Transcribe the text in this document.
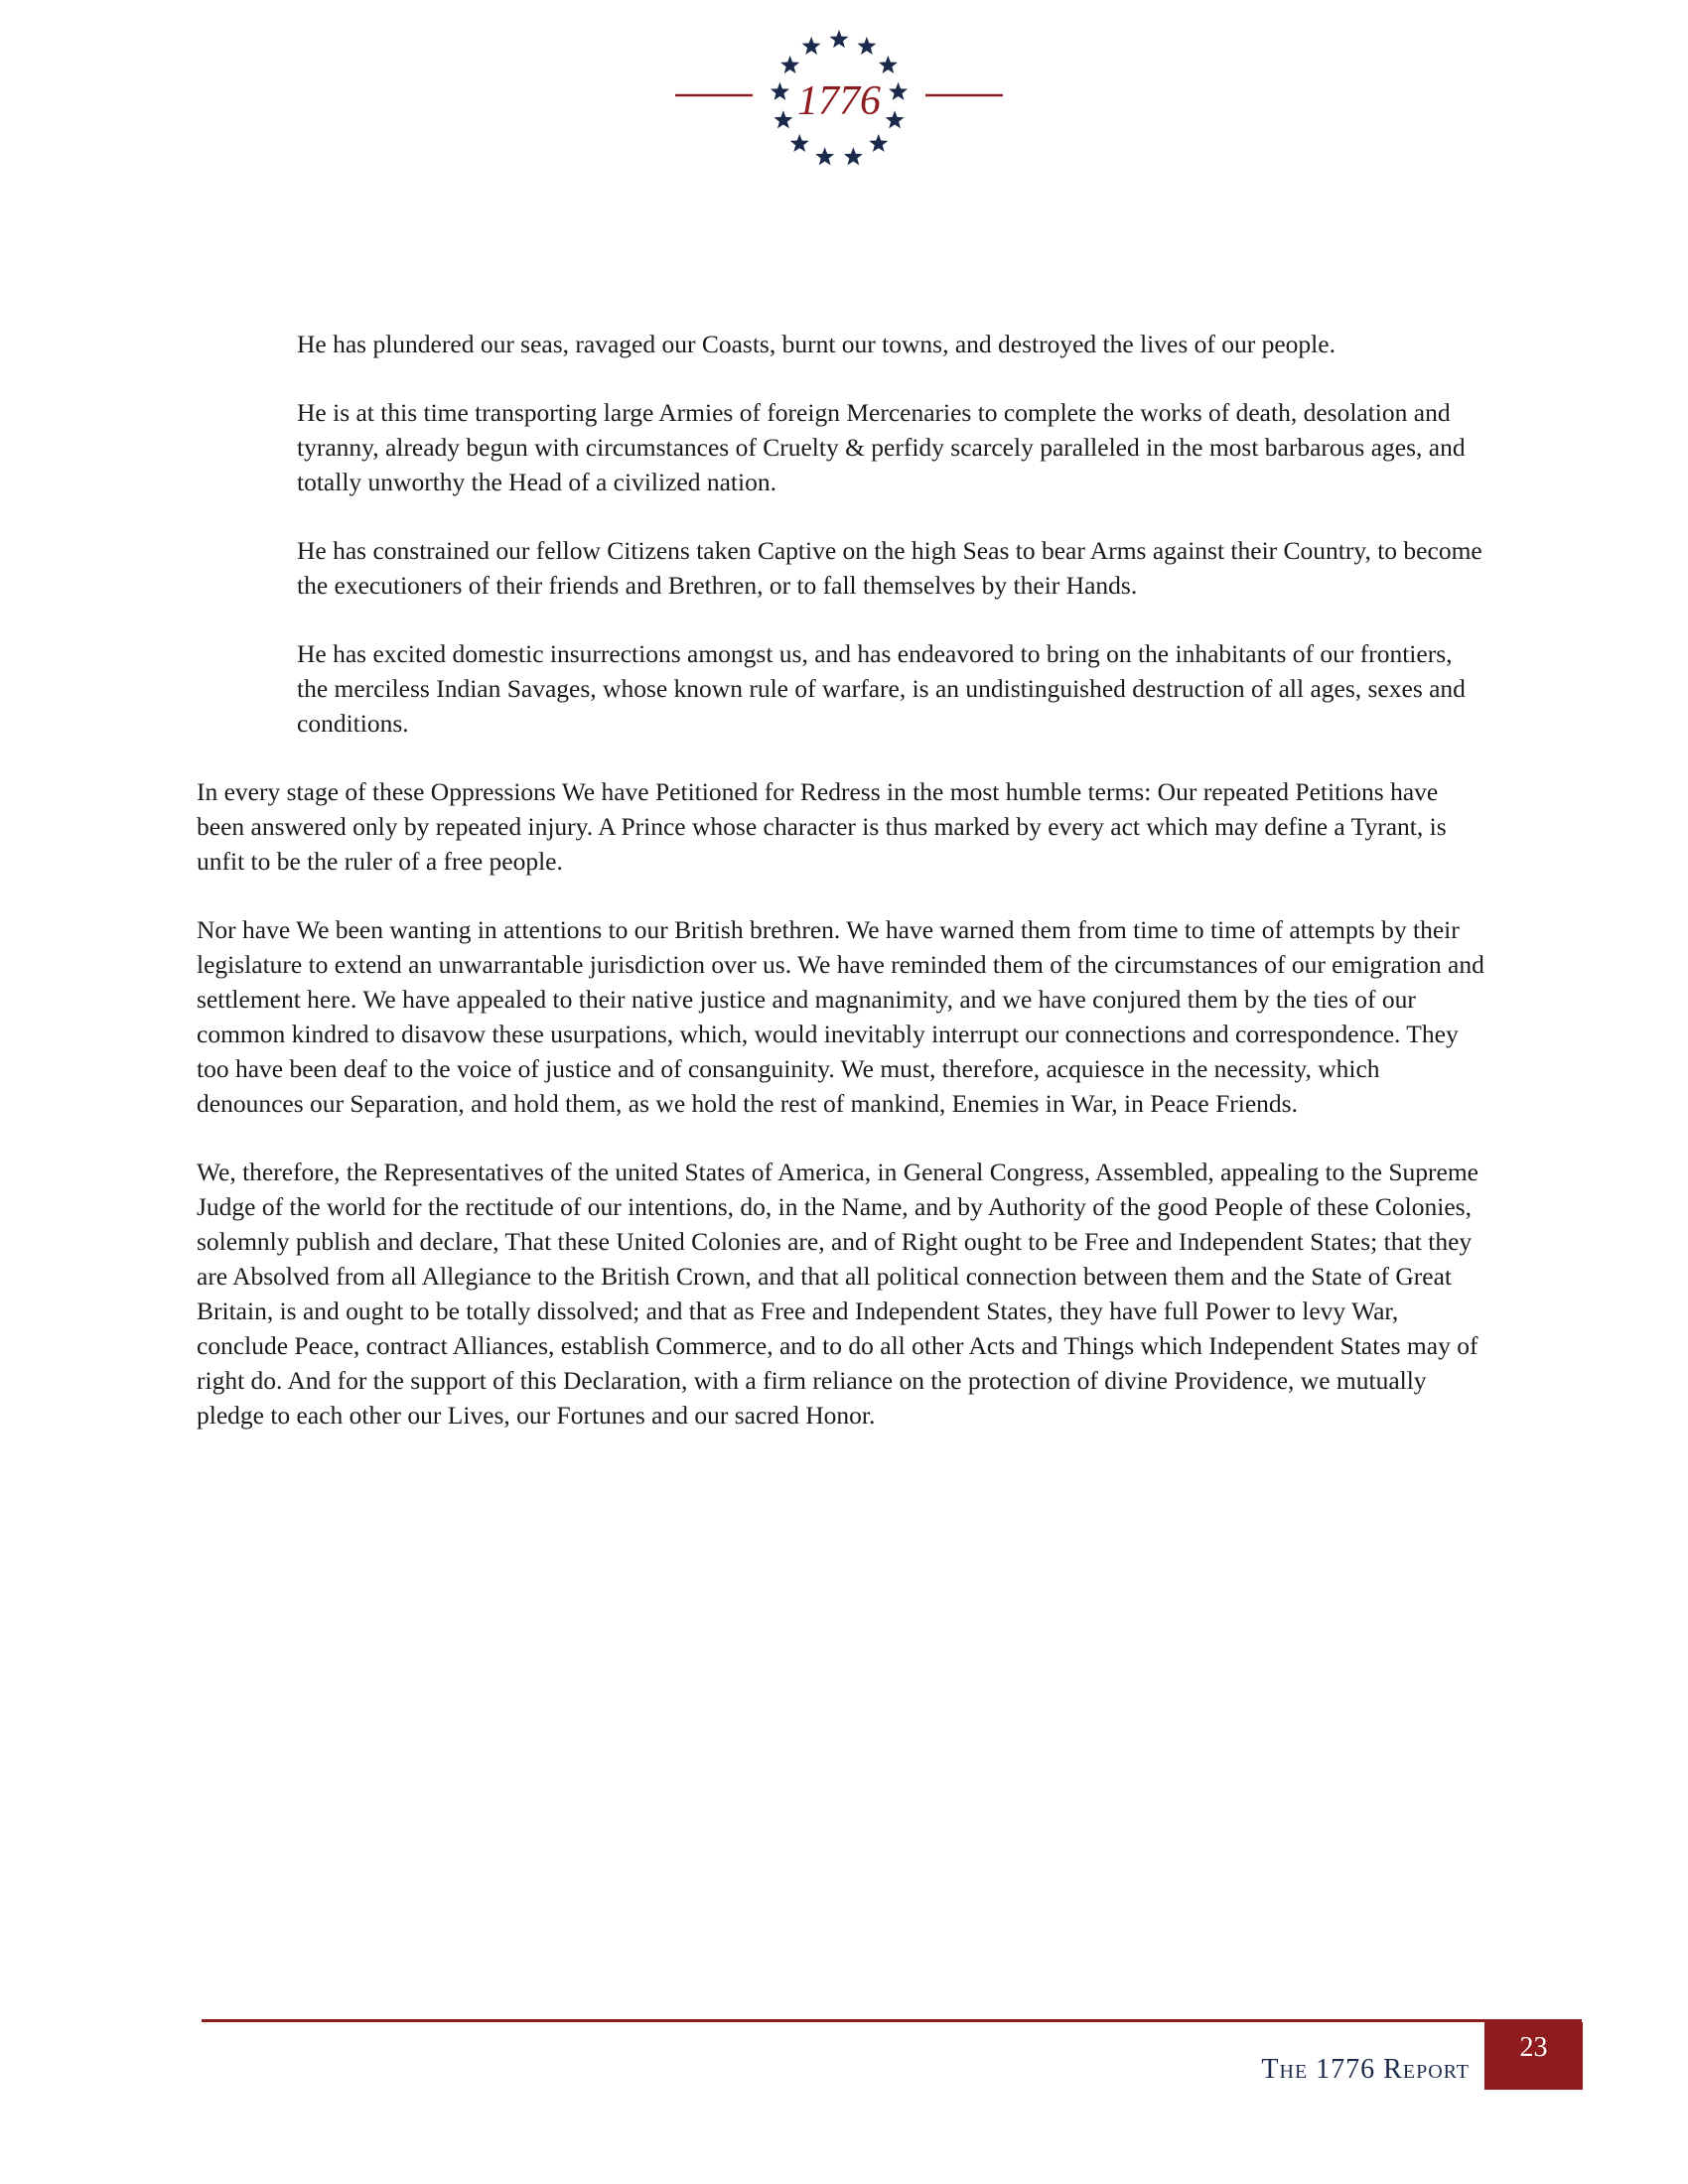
1776

He has plundered our seas, ravaged our Coasts, burnt our towns, and destroyed the lives of our people.

He is at this time transporting large Armies of foreign Mercenaries to complete the works of death, desolation and tyranny, already begun with circumstances of Cruelty & perfidy scarcely paralleled in the most barbarous ages, and totally unworthy the Head of a civilized nation.

He has constrained our fellow Citizens taken Captive on the high Seas to bear Arms against their Country, to become the executioners of their friends and Brethren, or to fall themselves by their Hands.

He has excited domestic insurrections amongst us, and has endeavored to bring on the inhabitants of our frontiers, the merciless Indian Savages, whose known rule of warfare, is an undistinguished destruction of all ages, sexes and conditions.

In every stage of these Oppressions We have Petitioned for Redress in the most humble terms: Our repeated Petitions have been answered only by repeated injury. A Prince whose character is thus marked by every act which may define a Tyrant, is unfit to be the ruler of a free people.

Nor have We been wanting in attentions to our British brethren. We have warned them from time to time of attempts by their legislature to extend an unwarrantable jurisdiction over us. We have reminded them of the circumstances of our emigration and settlement here. We have appealed to their native justice and magnanimity, and we have conjured them by the ties of our common kindred to disavow these usurpations, which, would inevitably interrupt our connections and correspondence. They too have been deaf to the voice of justice and of consanguinity. We must, therefore, acquiesce in the necessity, which denounces our Separation, and hold them, as we hold the rest of mankind, Enemies in War, in Peace Friends.

We, therefore, the Representatives of the united States of America, in General Congress, Assembled, appealing to the Supreme Judge of the world for the rectitude of our intentions, do, in the Name, and by Authority of the good People of these Colonies, solemnly publish and declare, That these United Colonies are, and of Right ought to be Free and Independent States; that they are Absolved from all Allegiance to the British Crown, and that all political connection between them and the State of Great Britain, is and ought to be totally dissolved; and that as Free and Independent States, they have full Power to levy War, conclude Peace, contract Alliances, establish Commerce, and to do all other Acts and Things which Independent States may of right do. And for the support of this Declaration, with a firm reliance on the protection of divine Providence, we mutually pledge to each other our Lives, our Fortunes and our sacred Honor.

The 1776 Report
23
